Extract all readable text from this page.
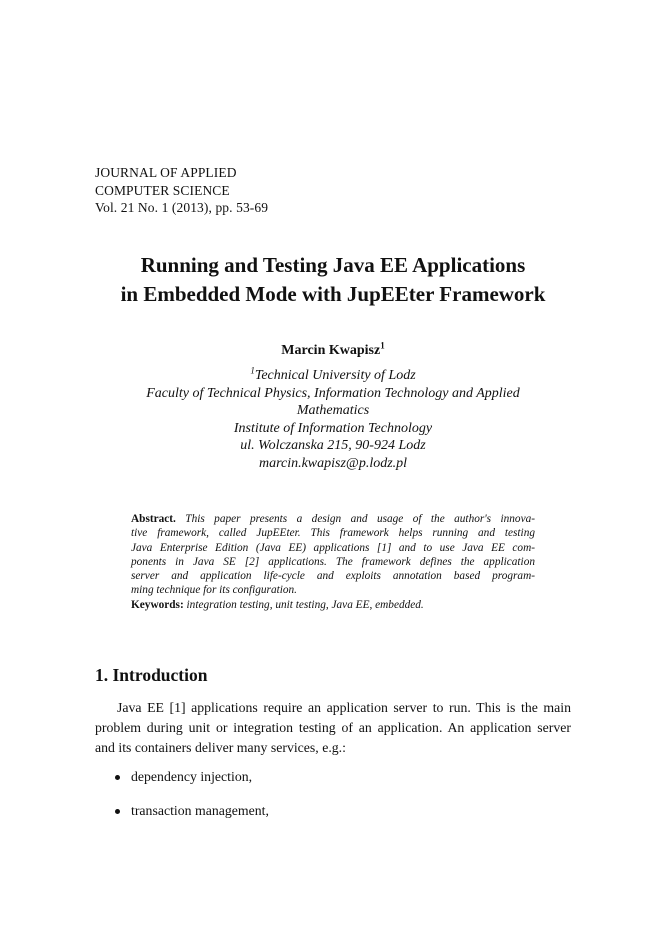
JOURNAL OF APPLIED
COMPUTER SCIENCE
Vol. 21 No. 1 (2013), pp. 53-69
Running and Testing Java EE Applications
in Embedded Mode with JupEEter Framework
Marcin Kwapisz$^1$
$^1$Technical University of Lodz
Faculty of Technical Physics, Information Technology and Applied
Mathematics
Institute of Information Technology
ul. Wolczanska 215, 90-924 Lodz
marcin.kwapisz@p.lodz.pl
Abstract. This paper presents a design and usage of the author's innova-
tive framework, called JupEEter. This framework helps running and testing
Java Enterprise Edition (Java EE) applications [1] and to use Java EE com-
ponents in Java SE [2] applications. The framework defines the application
server and application life-cycle and exploits annotation based program-
ming technique for its configuration.
Keywords: integration testing, unit testing, Java EE, embedded.
1. Introduction
Java EE [1] applications require an application server to run. This is the main
problem during unit or integration testing of an application. An application server
and its containers deliver many services, e.g.:
dependency injection,
transaction management,
